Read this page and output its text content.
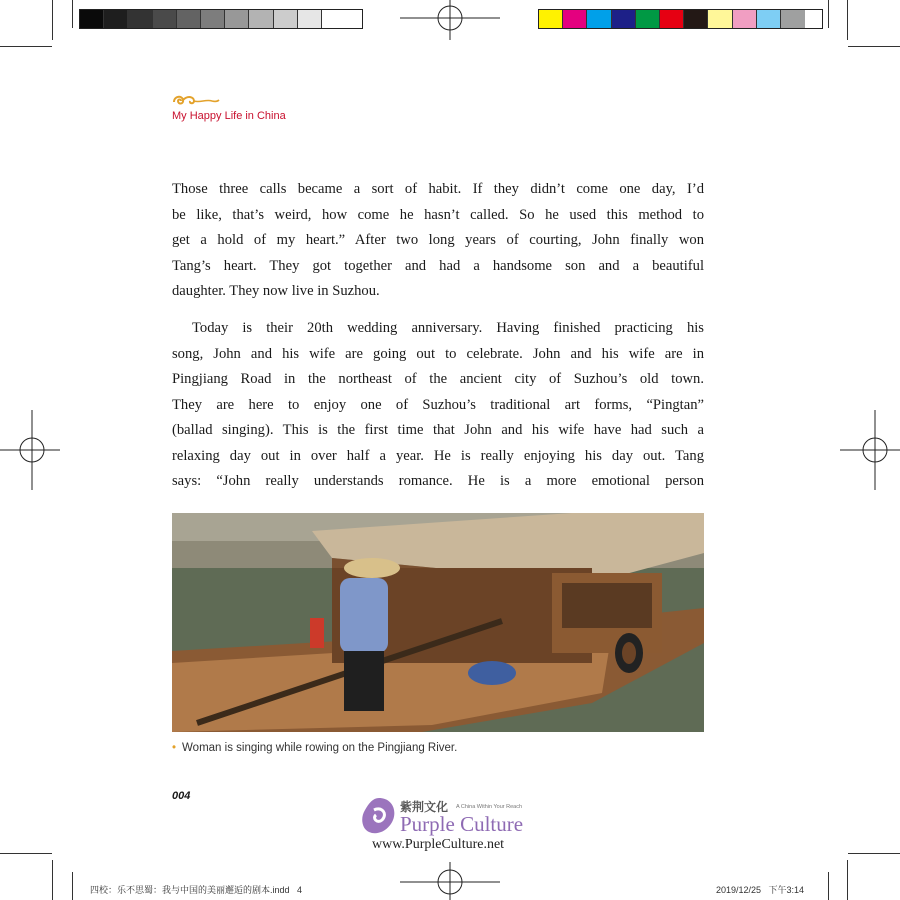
My Happy Life in China
Those three calls became a sort of habit. If they didn’t come one day, I’d
be like, that’s weird, how come he hasn’t called. So he used this method to
get a hold of my heart.” After two long years of courting, John finally won
Tang’s heart. They got together and had a handsome son and a beautiful
daughter. They now live in Suzhou.
Today is their 20th wedding anniversary. Having finished practicing his
song, John and his wife are going out to celebrate. John and his wife are in
Pingjiang Road in the northeast of the ancient city of Suzhou’s old town.
They are here to enjoy one of Suzhou’s traditional art forms, “Pingtan”
(ballad singing). This is the first time that John and his wife have had such a
relaxing day out in over half a year. He is really enjoying his day out. Tang
says: “John really understands romance. He is a more emotional person
• Woman is singing while rowing on the Pingjiang River.
004
紫荆文化 A China Within Your Reach
Purple Culture
www.PurpleCulture.net
四校：乐不思蜀：我与中国的美丽邂逅的剧本.indd   4	2019/12/25   下午3:14
